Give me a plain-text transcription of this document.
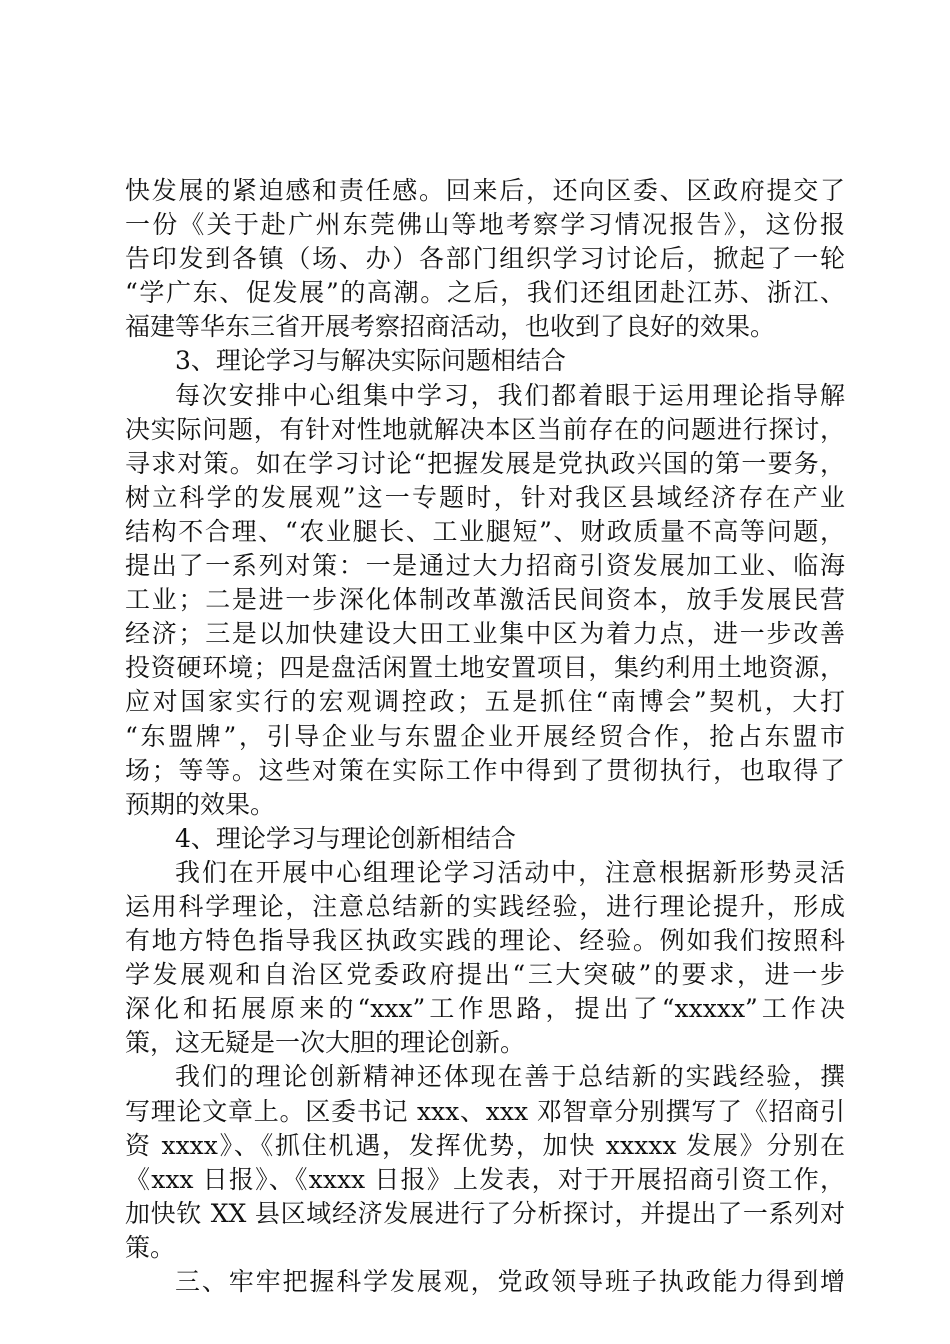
快发展的紧迫感和责任感。回来后，还向区委、区政府提交了
一份《关于赴广州东莞佛山等地考察学习情况报告》，这份报
告印发到各镇（场、办）各部门组织学习讨论后，掀起了一轮
“学广东、促发展”的高潮。之后，我们还组团赴江苏、浙江、
福建等华东三省开展考察招商活动，也收到了良好的效果。
3、理论学习与解决实际问题相结合
每次安排中心组集中学习，我们都着眼于运用理论指导解
决实际问题，有针对性地就解决本区当前存在的问题进行探讨，
寻求对策。如在学习讨论“把握发展是党执政兴国的第一要务，
树立科学的发展观”这一专题时，针对我区县域经济存在产业
结构不合理、“农业腿长、工业腿短”、财政质量不高等问题，
提出了一系列对策：一是通过大力招商引资发展加工业、临海
工业；二是进一步深化体制改革激活民间资本，放手发展民营
经济；三是以加快建设大田工业集中区为着力点，进一步改善
投资硬环境；四是盘活闲置土地安置项目，集约利用土地资源，
应对国家实行的宏观调控政；五是抓住“南博会”契机，大打
“东盟牌”，引导企业与东盟企业开展经贸合作，抢占东盟市
场；等等。这些对策在实际工作中得到了贯彻执行，也取得了
预期的效果。
4、理论学习与理论创新相结合
我们在开展中心组理论学习活动中，注意根据新形势灵活
运用科学理论，注意总结新的实践经验，进行理论提升，形成
有地方特色指导我区执政实践的理论、经验。例如我们按照科
学发展观和自治区党委政府提出“三大突破”的要求，进一步
深化和拓展原来的“xxx”工作思路，提出了“xxxxx”工作决
策，这无疑是一次大胆的理论创新。
我们的理论创新精神还体现在善于总结新的实践经验，撰
写理论文章上。区委书记 xxx、xxx 邓智章分别撰写了《招商引
资 xxxx》、《抓住机遇，发挥优势，加快 xxxxx 发展》分别在
《xxx 日报》、《xxxx 日报》上发表，对于开展招商引资工作，
加快钦 XX 县区域经济发展进行了分析探讨，并提出了一系列对
策。
三、牢牢把握科学发展观，党政领导班子执政能力得到增
